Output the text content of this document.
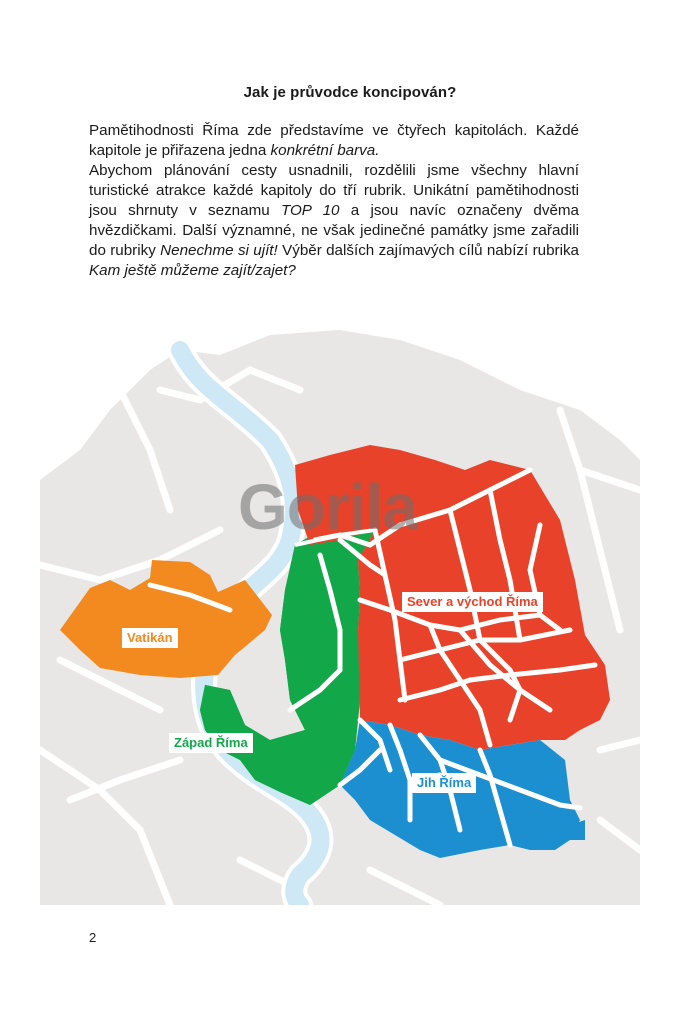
Jak je průvodce koncipován?

Pamětihodnosti Říma zde představíme ve čtyřech kapitolách. Každé kapitole je přiřazena jedna konkrétní barva.

Abychom plánování cesty usnadnili, rozdělili jsme všechny hlavní turistické atrakce každé kapitoly do tří rubrik. Unikátní pamětihodnosti jsou shrnuty v seznamu TOP 10 a jsou navíc označeny dvěma hvězdičkami. Další významné, ne však jedinečné památky jsme zařadili do rubriky Nenechme si ujít! Výběr dalších zajímavých cílů nabízí rubrika Kam ještě můžeme zajít/zajet?

Gorila
Vatikán
Západ Říma
Sever a východ Říma
Jih Říma
2
